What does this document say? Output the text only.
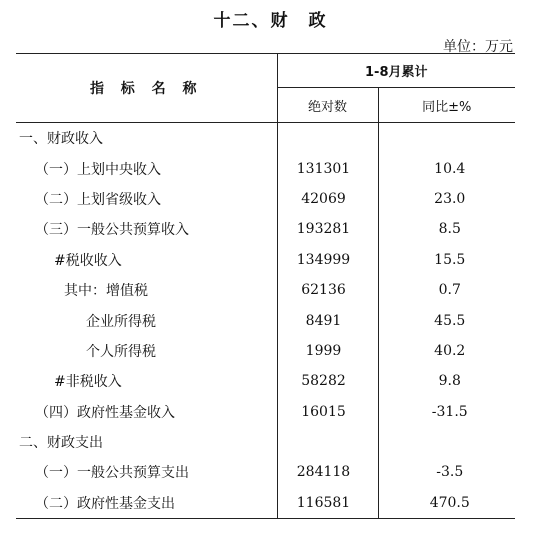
十二、财　政
单位：万元
指 标 名 称	1-8月累计	
	绝对数	同比±%
一、财政收入		
（一）上划中央收入	131301	10.4
（二）上划省级收入	42069	23.0
（三）一般公共预算收入	193281	8.5
#税收收入	134999	15.5
其中：增值税	62136	0.7
企业所得税	8491	45.5
个人所得税	1999	40.2
#非税收入	58282	9.8
（四）政府性基金收入	16015	-31.5
二、财政支出		
（一）一般公共预算支出	284118	-3.5
（二）政府性基金支出	116581	470.5
